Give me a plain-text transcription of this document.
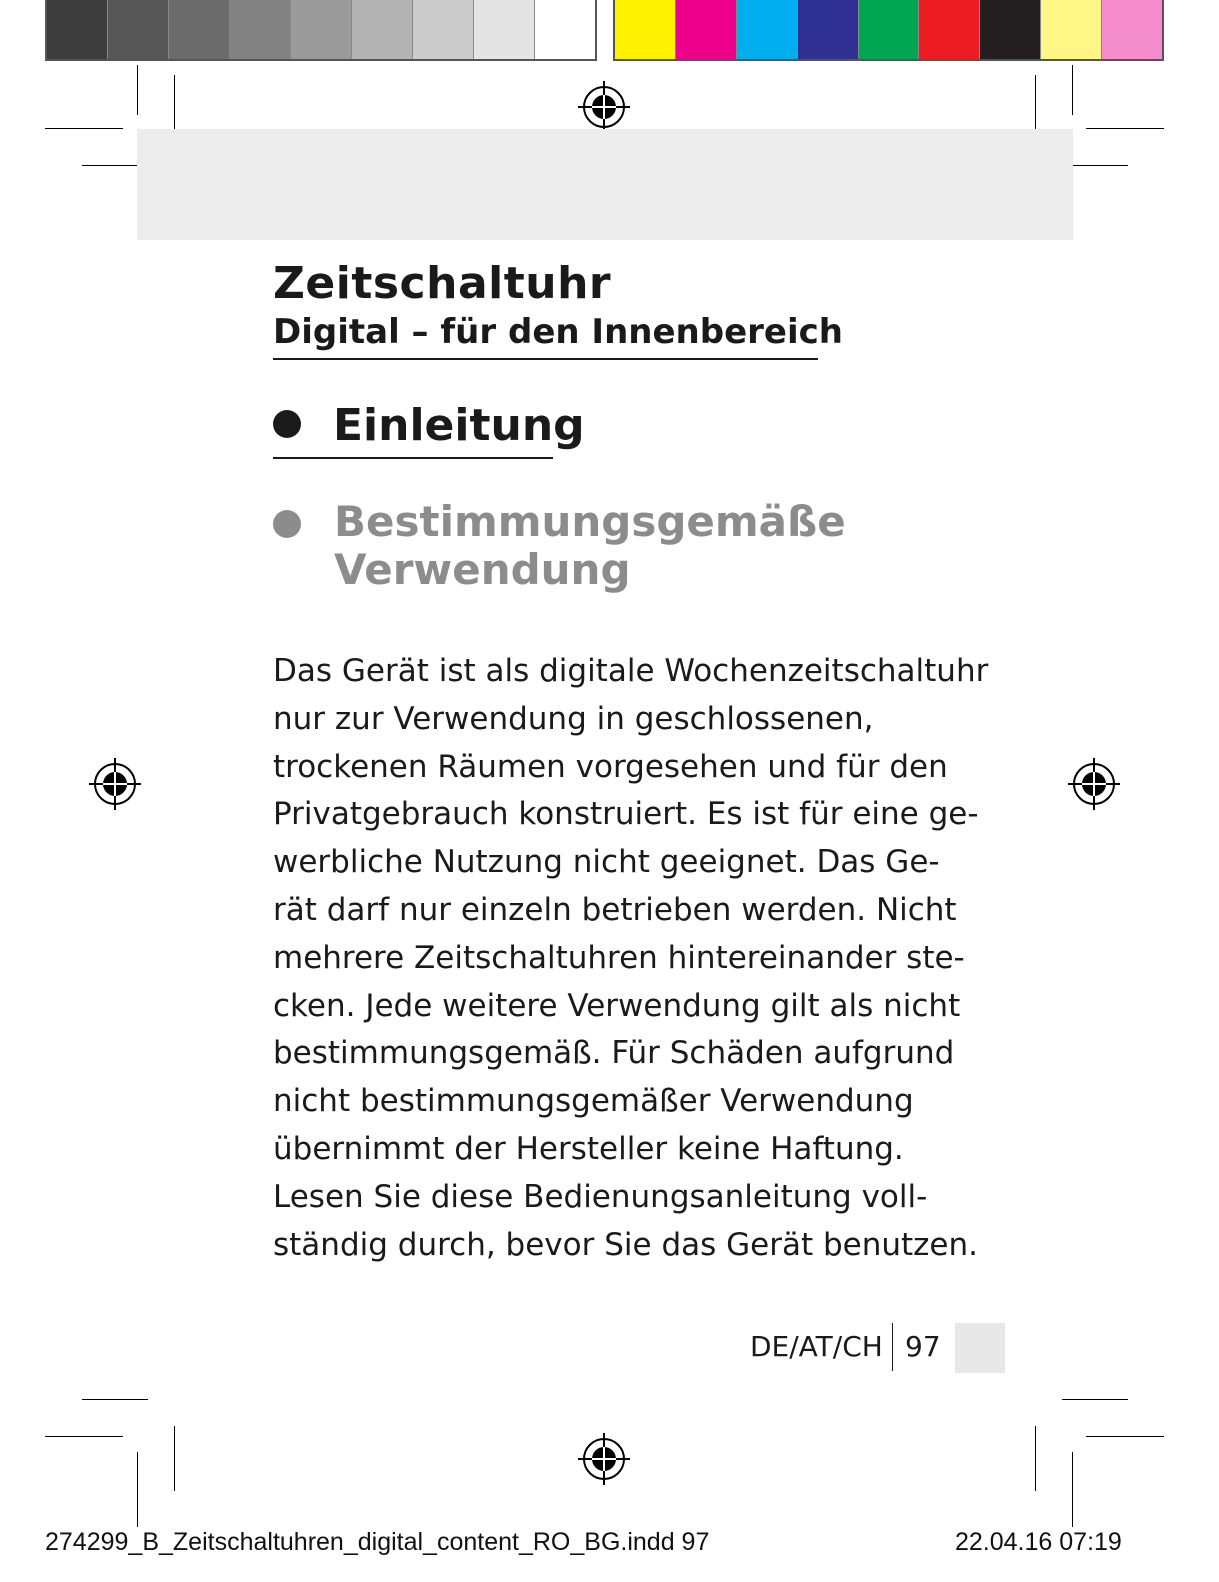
Zeitschaltuhr
Digital – für den Innenbereich
Einleitung
Bestimmungsgemäße
Verwendung
Das Gerät ist als digitale Wochenzeitschaltuhr
nur zur Verwendung in geschlossenen,
trockenen Räumen vorgesehen und für den
Privatgebrauch konstruiert. Es ist für eine ge-
werbliche Nutzung nicht geeignet. Das Ge-
rät darf nur einzeln betrieben werden. Nicht
mehrere Zeitschaltuhren hintereinander ste-
cken. Jede weitere Verwendung gilt als nicht
bestimmungsgemäß. Für Schäden aufgrund
nicht bestimmungsgemäßer Verwendung
übernimmt der Hersteller keine Haftung.
Lesen Sie diese Bedienungsanleitung voll-
ständig durch, bevor Sie das Gerät benutzen.
DE/AT/CH 97
274299_B_Zeitschaltuhren_digital_content_RO_BG.indd 97	22.04.16 07:19
